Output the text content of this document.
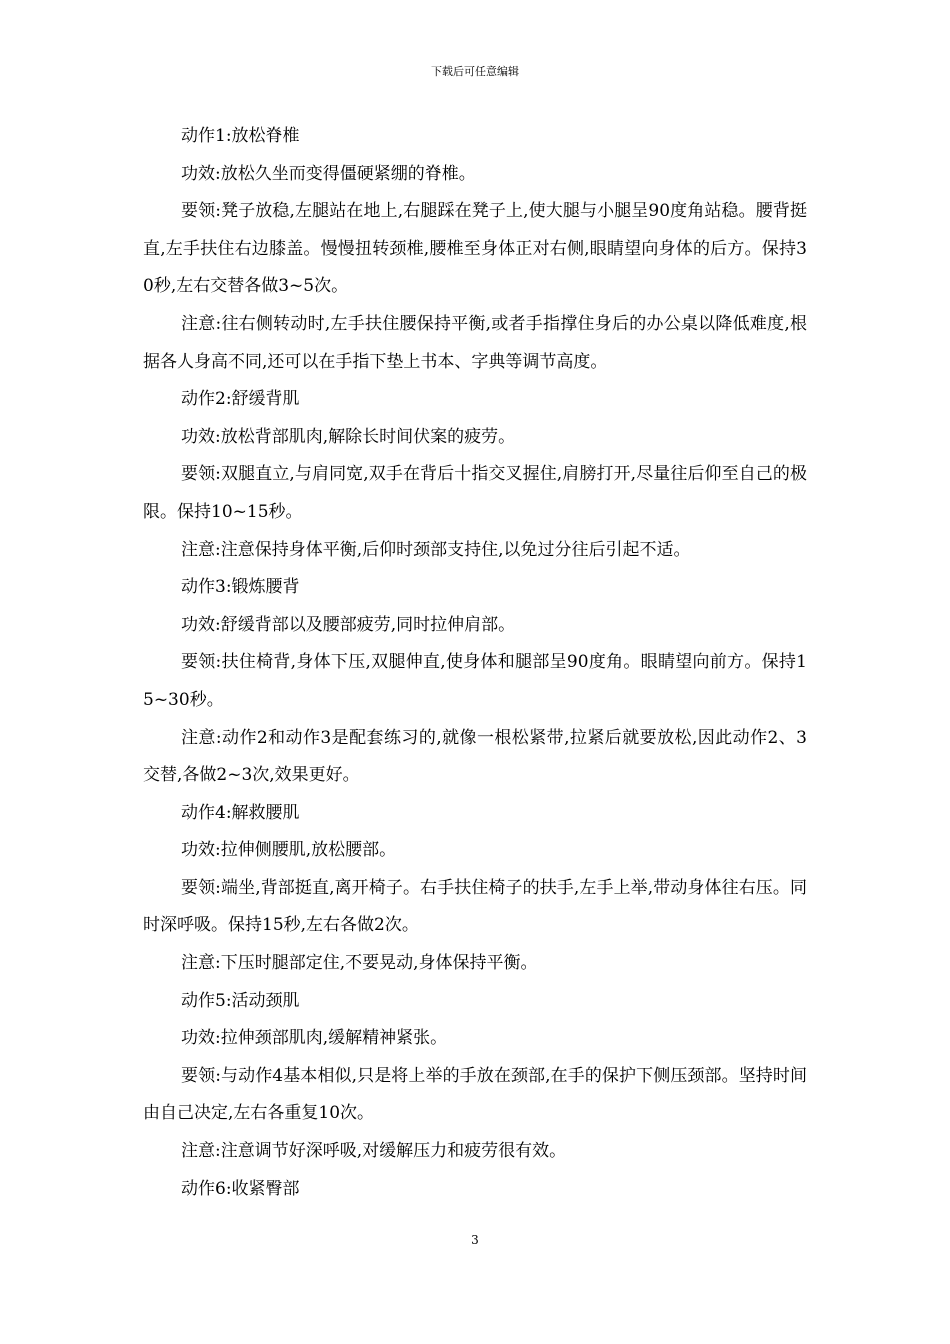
下载后可任意编辑

动作1:放松脊椎

功效:放松久坐而变得僵硬紧绷的脊椎。

要领:凳子放稳,左腿站在地上,右腿踩在凳子上,使大腿与小腿呈90度角站稳。腰背挺直,左手扶住右边膝盖。慢慢扭转颈椎,腰椎至身体正对右侧,眼睛望向身体的后方。保持30秒,左右交替各做3~5次。

注意:往右侧转动时,左手扶住腰保持平衡,或者手指撑住身后的办公桌以降低难度,根据各人身高不同,还可以在手指下垫上书本、字典等调节高度。

动作2:舒缓背肌

功效:放松背部肌肉,解除长时间伏案的疲劳。

要领:双腿直立,与肩同宽,双手在背后十指交叉握住,肩膀打开,尽量往后仰至自己的极限。保持10~15秒。

注意:注意保持身体平衡,后仰时颈部支持住,以免过分往后引起不适。

动作3:锻炼腰背

功效:舒缓背部以及腰部疲劳,同时拉伸肩部。

要领:扶住椅背,身体下压,双腿伸直,使身体和腿部呈90度角。眼睛望向前方。保持15~30秒。

注意:动作2和动作3是配套练习的,就像一根松紧带,拉紧后就要放松,因此动作2、3交替,各做2~3次,效果更好。

动作4:解救腰肌

功效:拉伸侧腰肌,放松腰部。

要领:端坐,背部挺直,离开椅子。右手扶住椅子的扶手,左手上举,带动身体往右压。同时深呼吸。保持15秒,左右各做2次。

注意:下压时腿部定住,不要晃动,身体保持平衡。

动作5:活动颈肌

功效:拉伸颈部肌肉,缓解精神紧张。

要领:与动作4基本相似,只是将上举的手放在颈部,在手的保护下侧压颈部。坚持时间由自己决定,左右各重复10次。

注意:注意调节好深呼吸,对缓解压力和疲劳很有效。

动作6:收紧臀部

3
